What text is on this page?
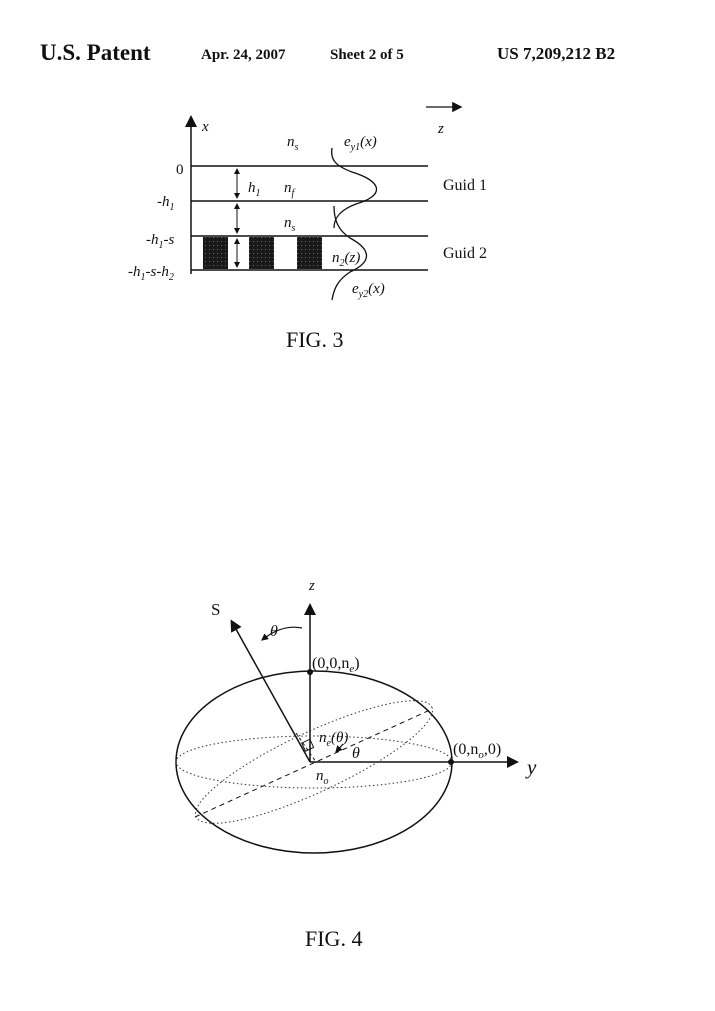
U.S. Patent	Apr. 24, 2007	Sheet 2 of 5	US 7,209,212 B2
x	z
$n_s$	$e_{y1}(x)$
0
$-h_1$
$-h_1-s$
$-h_1-s-h_2$
$h_1$ $n_f$
$n_s$
Guid 1
Guid 2
$n_2(z)$
$e_{y2}(x)$
z
y
S
θ
$(0,0,n_e)$
$n_e(\theta)$
θ
$n_o$
$(0,n_o,0)$
FIG. 3
FIG. 4
